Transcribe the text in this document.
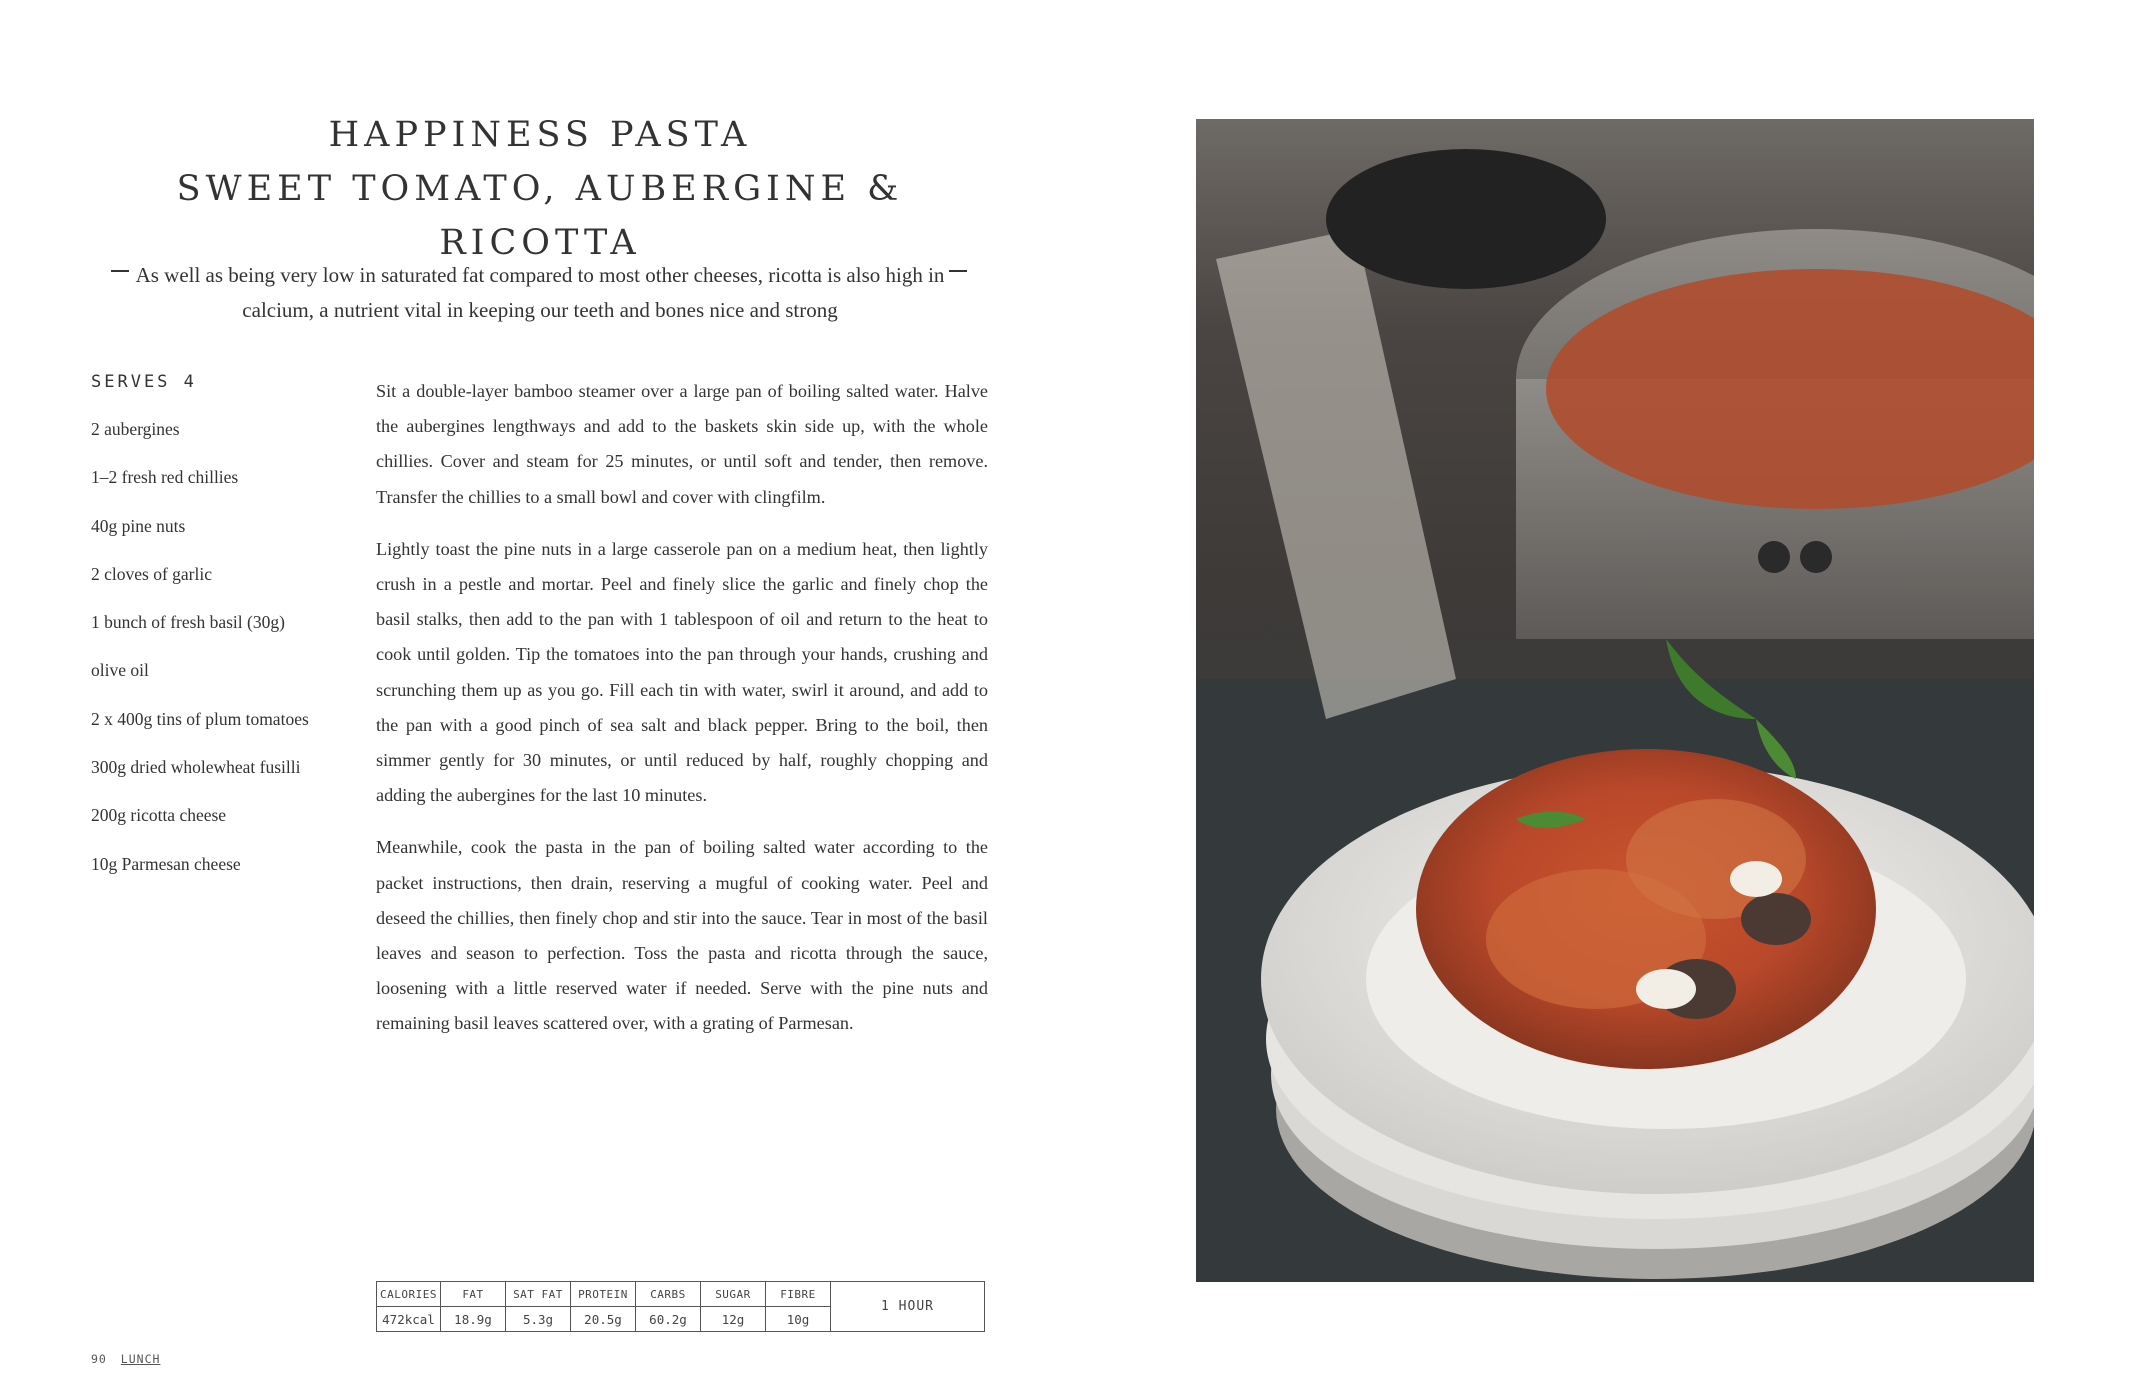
HAPPINESS PASTA
SWEET TOMATO, AUBERGINE & RICOTTA
As well as being very low in saturated fat compared to most other cheeses, ricotta is also high in calcium, a nutrient vital in keeping our teeth and bones nice and strong
SERVES 4
2 aubergines
1–2 fresh red chillies
40g pine nuts
2 cloves of garlic
1 bunch of fresh basil (30g)
olive oil
2 x 400g tins of plum tomatoes
300g dried wholewheat fusilli
200g ricotta cheese
10g Parmesan cheese

Sit a double-layer bamboo steamer over a large pan of boiling salted water. Halve the aubergines lengthways and add to the baskets skin side up, with the whole chillies. Cover and steam for 25 minutes, or until soft and tender, then remove. Transfer the chillies to a small bowl and cover with clingfilm.

Lightly toast the pine nuts in a large casserole pan on a medium heat, then lightly crush in a pestle and mortar. Peel and finely slice the garlic and finely chop the basil stalks, then add to the pan with 1 tablespoon of oil and return to the heat to cook until golden. Tip the tomatoes into the pan through your hands, crushing and scrunching them up as you go. Fill each tin with water, swirl it around, and add to the pan with a good pinch of sea salt and black pepper. Bring to the boil, then simmer gently for 30 minutes, or until reduced by half, roughly chopping and adding the aubergines for the last 10 minutes.

Meanwhile, cook the pasta in the pan of boiling salted water according to the packet instructions, then drain, reserving a mugful of cooking water. Peel and deseed the chillies, then finely chop and stir into the sauce. Tear in most of the basil leaves and season to perfection. Toss the pasta and ricotta through the sauce, loosening with a little reserved water if needed. Serve with the pine nuts and remaining basil leaves scattered over, with a grating of Parmesan.

CALORIES	FAT	SAT FAT	PROTEIN	CARBS	SUGAR	FIBRE	1 HOUR
472kcal	18.9g	5.3g	20.5g	60.2g	12g	10g	
90 LUNCH
